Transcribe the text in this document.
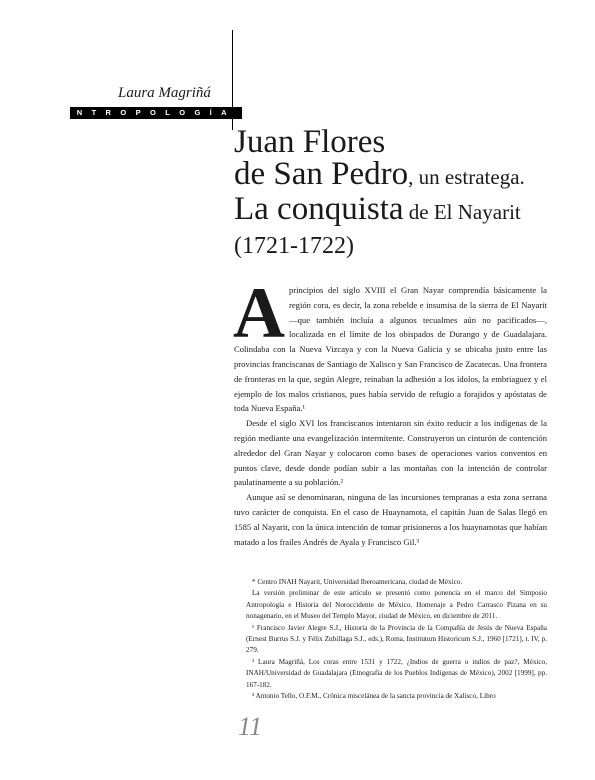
Laura Magriñá
ANTROPOLOGÍA
Juan Flores
de San Pedro, un estratega.
La conquista de El Nayarit
(1721-1722)

Aprincipios del siglo XVIII el Gran Nayar comprendía básicamente la región cora, es decir, la zona rebelde e insumisa de la sierra de El Nayarit —que también incluía a algunos tecualmes aún no pacificados—, localizada en el límite de los obispados de Durango y de Guadalajara. Colindaba con la Nueva Vizcaya y con la Nueva Galicia y se ubicaba justo entre las provincias franciscanas de Santiago de Xalisco y San Francisco de Zacatecas. Una frontera de fronteras en la que, según Alegre, reinaban la adhesión a los ídolos, la embriaguez y el ejemplo de los malos cristianos, pues había servido de refugio a forajidos y apóstatas de toda Nueva España.¹

Desde el siglo XVI los franciscanos intentaron sin éxito reducir a los indígenas de la región mediante una evangelización intermitente. Construyeron un cinturón de contención alrededor del Gran Nayar y colocaron como bases de operaciones varios conventos en puntos clave, desde donde podían subir a las montañas con la intención de controlar paulatinamente a su población.²

Aunque así se denominaran, ninguna de las incursiones tempranas a esta zona serrana tuvo carácter de conquista. En el caso de Huaynamota, el capitán Juan de Salas llegó en 1585 al Nayarit, con la única intención de tomar prisioneros a los huaynamotas que habían matado a los frailes Andrés de Ayala y Francisco Gil.³

* Centro INAH Nayarit, Universidad Iberoamericana, ciudad de México.

La versión preliminar de este artículo se presentó como ponencia en el marco del Simposio Antropología e Historia del Noroccidente de México. Homenaje a Pedro Carrasco Pizana en su nonagenario, en el Museo del Templo Mayor, ciudad de México, en diciembre de 2011.

¹ Francisco Javier Alegre S.J., Historia de la Provincia de la Compañía de Jesús de Nueva España (Ernest Burrus S.J. y Félix Zubillaga S.J., eds.), Roma, Institutum Historicum S.J., 1960 [1721], t. IV, p. 279.

² Laura Magriñá, Los coras entre 1531 y 1722, ¿Indios de guerra o indios de paz?, México, INAH/Universidad de Guadalajara (Etnografía de los Pueblos Indígenas de México), 2002 [1999], pp. 167-182.

³ Antonio Tello, O.F.M., Crónica miscelánea de la sancta provincia de Xalisco, Libro

11
